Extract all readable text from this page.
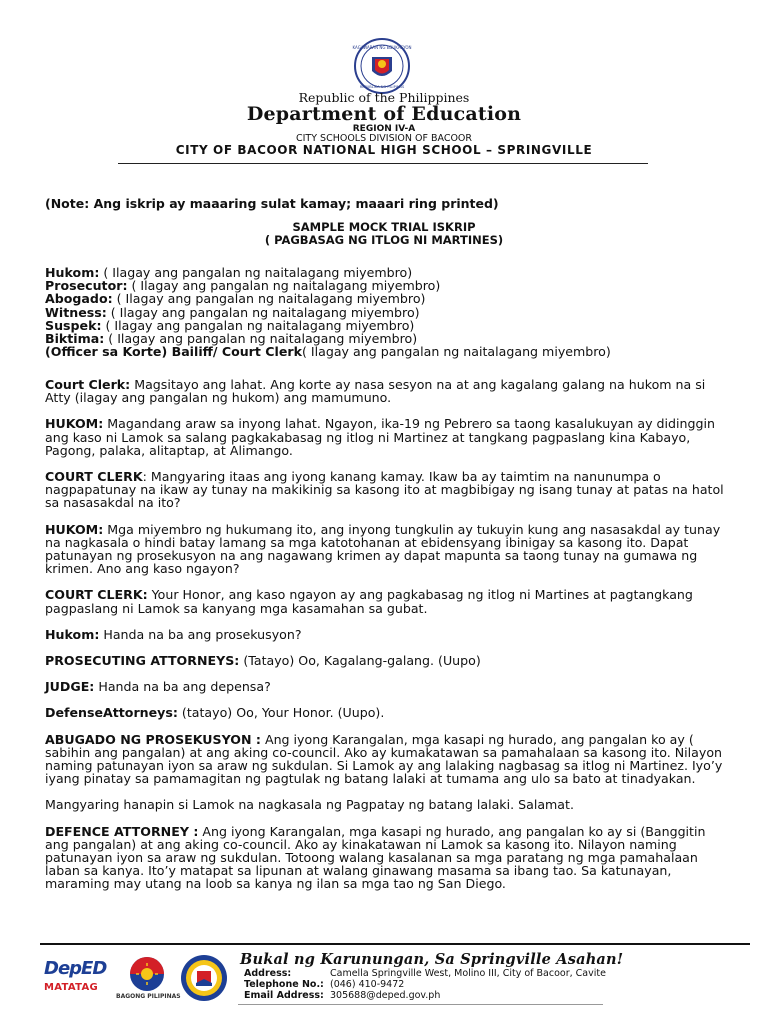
KAGAWARAN NG EDUKASYON
REPUBLIKA NG PILIPINAS
Republic of the Philippines
Department of Education
REGION IV-A
CITY SCHOOLS DIVISION OF BACOOR
CITY OF BACOOR NATIONAL HIGH SCHOOL – SPRINGVILLE
(Note: Ang iskrip ay maaaring sulat kamay; maaari ring printed)
SAMPLE MOCK TRIAL ISKRIP
( PAGBASAG NG ITLOG NI MARTINES)
Hukom: ( Ilagay ang pangalan ng naitalagang miyembro)
Prosecutor: ( Ilagay ang pangalan ng naitalagang miyembro)
Abogado: ( Ilagay ang pangalan ng naitalagang miyembro)
Witness: ( Ilagay ang pangalan ng naitalagang miyembro)
Suspek: ( Ilagay ang pangalan ng naitalagang miyembro)
Biktima: ( Ilagay ang pangalan ng naitalagang miyembro)
(Officer sa Korte) Bailiff/ Court Clerk( Ilagay ang pangalan ng naitalagang miyembro)

Court Clerk: Magsitayo ang lahat. Ang korte ay nasa sesyon na at ang kagalang galang na hukom na si Atty (ilagay ang pangalan ng hukom) ang mamumuno.

HUKOM: Magandang araw sa inyong lahat. Ngayon, ika-19 ng Pebrero sa taong kasalukuyan ay didinggin ang kaso ni Lamok sa salang pagkakabasag ng itlog ni Martinez at tangkang pagpaslang kina Kabayo, Pagong, palaka, alitaptap, at Alimango.

COURT CLERK: Mangyaring itaas ang iyong kanang kamay. Ikaw ba ay taimtim na nanunumpa o nagpapatunay na ikaw ay tunay na makikinig sa kasong ito at magbibigay ng isang tunay at patas na hatol sa nasasakdal na ito?

HUKOM: Mga miyembro ng hukumang ito, ang inyong tungkulin ay tukuyin kung ang nasasakdal ay tunay na nagkasala o hindi batay lamang sa mga katotohanan at ebidensyang ibinigay sa kasong ito. Dapat patunayan ng prosekusyon na ang nagawang krimen ay dapat mapunta sa taong tunay na gumawa ng krimen. Ano ang kaso ngayon?

COURT CLERK: Your Honor, ang kaso ngayon ay ang pagkabasag ng itlog ni Martines at pagtangkang pagpaslang ni Lamok sa kanyang mga kasamahan sa gubat.

Hukom: Handa na ba ang prosekusyon?

PROSECUTING ATTORNEYS: (Tatayo) Oo, Kagalang-galang. (Uupo)

JUDGE: Handa na ba ang depensa?

DefenseAttorneys: (tatayo) Oo, Your Honor. (Uupo).

ABUGADO NG PROSEKUSYON : Ang iyong Karangalan, mga kasapi ng hurado, ang pangalan ko ay ( sabihin ang pangalan) at ang aking co-council. Ako ay kumakatawan sa pamahalaan sa kasong ito. Nilayon naming patunayan iyon sa araw ng sukdulan. Si Lamok ay ang lalaking nagbasag sa itlog ni Martinez. Iyo’y iyang pinatay sa pamamagitan ng pagtulak ng batang lalaki at tumama ang ulo sa bato at tinadyakan.

Mangyaring hanapin si Lamok na nagkasala ng Pagpatay ng batang lalaki. Salamat.

DEFENCE ATTORNEY : Ang iyong Karangalan, mga kasapi ng hurado, ang pangalan ko ay si (Banggitin ang pangalan) at ang aking co-council. Ako ay kinakatawan ni Lamok sa kasong ito. Nilayon naming patunayan iyon sa araw ng sukdulan. Totoong walang kasalanan sa mga paratang ng mga pamahalaan laban sa kanya. Ito’y matapat sa lipunan at walang ginawang masama sa ibang tao. Sa katunayan, maraming may utang na loob sa kanya ng ilan sa mga tao ng San Diego.

DepED
MATATAG
BAGONG PILIPINAS
Bukal ng Karunungan, Sa Springville Asahan!
Address:	Camella Springville West, Molino III, City of Bacoor, Cavite
Telephone No.: (046) 410-9472
Email Address: 305688@deped.gov.ph
